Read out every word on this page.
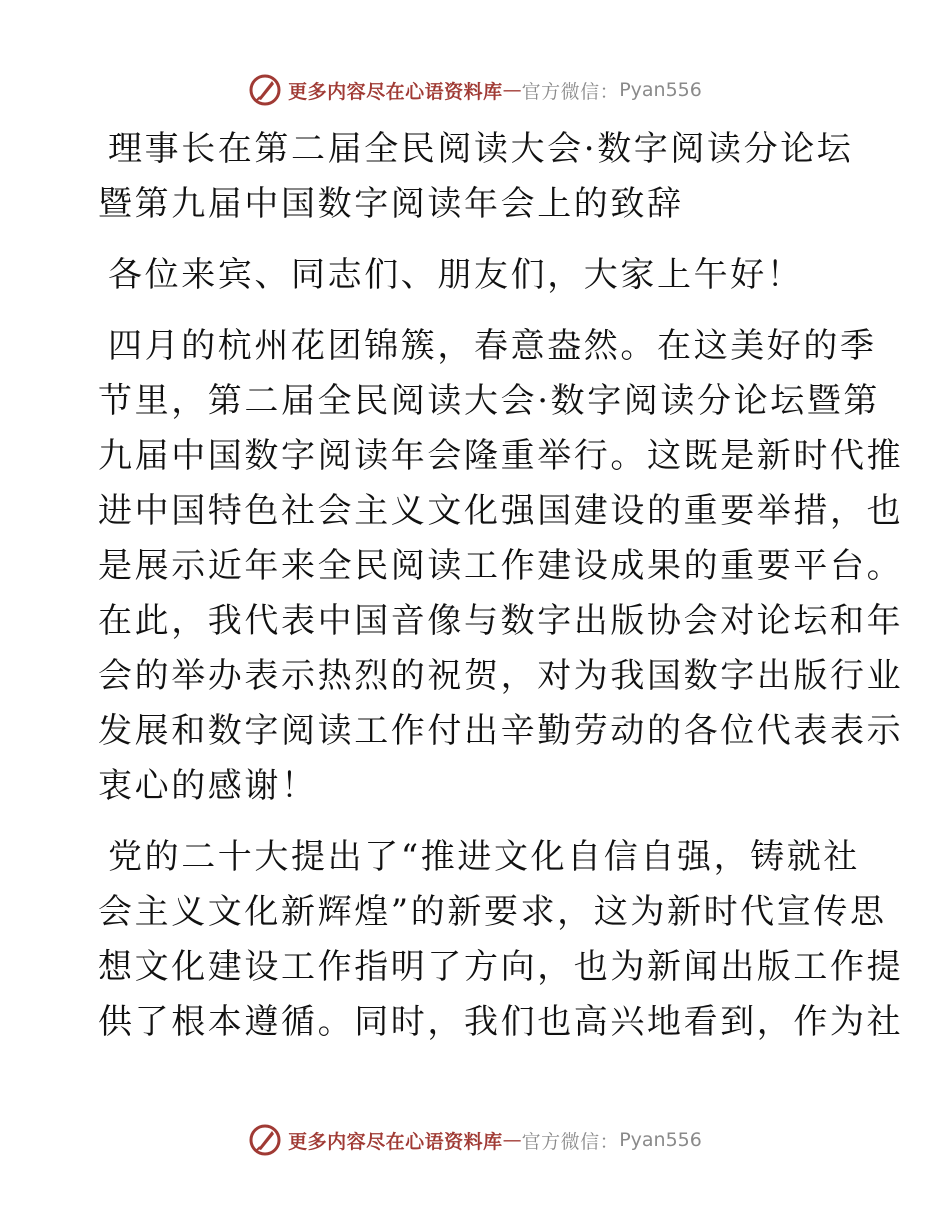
更多内容尽在心语资料库 — 官方微信： Pyan556
理事长在第二届全民阅读大会·数字阅读分论坛
暨第九届中国数字阅读年会上的致辞
各位来宾、同志们、朋友们，大家上午好！
四月的杭州花团锦簇，春意盎然。在这美好的季
节里，第二届全民阅读大会·数字阅读分论坛暨第
九届中国数字阅读年会隆重举行。这既是新时代推
进中国特色社会主义文化强国建设的重要举措，也
是展示近年来全民阅读工作建设成果的重要平台。
在此，我代表中国音像与数字出版协会对论坛和年
会的举办表示热烈的祝贺，对为我国数字出版行业
发展和数字阅读工作付出辛勤劳动的各位代表表示
衷心的感谢！
党的二十大提出了“推进文化自信自强，铸就社
会主义文化新辉煌”的新要求，这为新时代宣传思
想文化建设工作指明了方向，也为新闻出版工作提
供了根本遵循。同时，我们也高兴地看到，作为社
更多内容尽在心语资料库 — 官方微信： Pyan556
